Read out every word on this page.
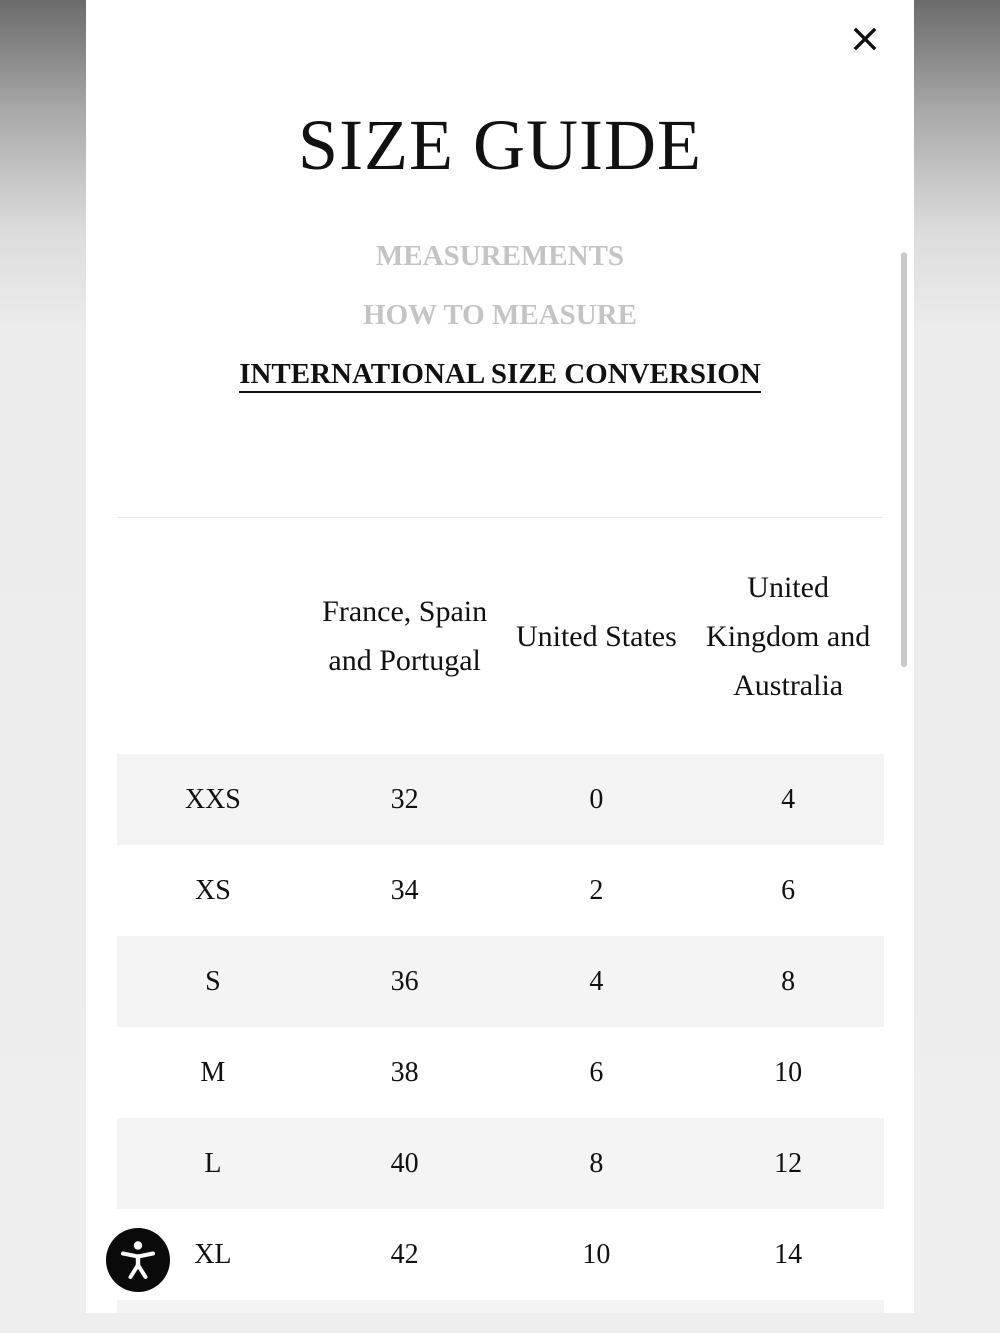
SIZE GUIDE
MEASUREMENTS
HOW TO MEASURE
INTERNATIONAL SIZE CONVERSION
	France, Spain and Portugal	United States	United Kingdom and Australia
XXS	32	0	4
XS	34	2	6
S	36	4	8
M	38	6	10
L	40	8	12
XL	42	10	14
